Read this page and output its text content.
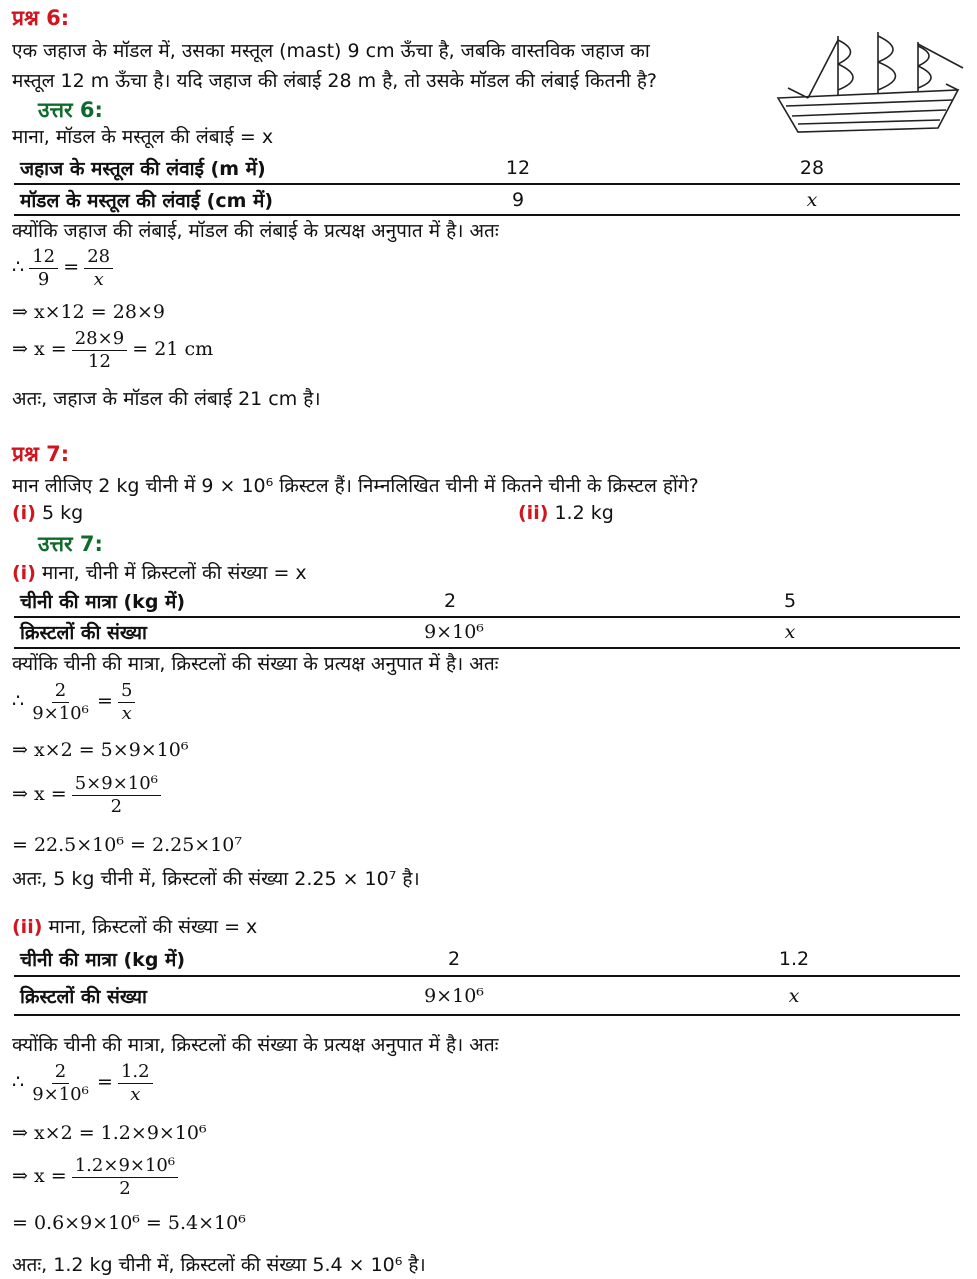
प्रश्न 6:
एक जहाज के मॉडल में, उसका मस्तूल (mast) 9 cm ऊँचा है, जबकि वास्तविक जहाज का
मस्तूल 12 m ऊँचा है। यदि जहाज की लंबाई 28 m है, तो उसके मॉडल की लंबाई कितनी है?
उत्तर 6:
माना, मॉडल के मस्तूल की लंबाई = x
जहाज के मस्तूल की लंवाई (m में)	12	28
मॉडल के मस्तूल की लंवाई (cm में)	9	x
क्योंकि जहाज की लंबाई, मॉडल की लंबाई के प्रत्यक्ष अनुपात में है। अतः
∴ $\frac{12}{9} = \frac{28}{x}$
⇒ x×12 = 28×9
⇒ $x = \frac{28\times 9}{12} = 21$ cm
अतः, जहाज के मॉडल की लंबाई 21 cm है।
प्रश्न 7:
मान लीजिए 2 kg चीनी में 9 × 10⁶ क्रिस्टल हैं। निम्नलिखित चीनी में कितने चीनी के क्रिस्टल होंगे?
(i) 5 kg	(ii) 1.2 kg
उत्तर 7:
(i) माना, चीनी में क्रिस्टलों की संख्या = x
चीनी की मात्रा (kg में)	2	5
क्रिस्टलों की संख्या	9×10⁶	x
क्योंकि चीनी की मात्रा, क्रिस्टलों की संख्या के प्रत्यक्ष अनुपात में है। अतः
∴ $\frac{2}{\text{9×10⁶}} = \frac{5}{x}$
⇒ x×2 = 5×9×10⁶
⇒ $x = \frac{\text{5×9×10⁶}}{2}$
= 22.5×10⁶ = 2.25×10⁷
अतः, 5 kg चीनी में, क्रिस्टलों की संख्या 2.25 × 10⁷ है।
(ii) माना, क्रिस्टलों की संख्या = x
चीनी की मात्रा (kg में)	2	1.2
क्रिस्टलों की संख्या	9×10⁶	x
क्योंकि चीनी की मात्रा, क्रिस्टलों की संख्या के प्रत्यक्ष अनुपात में है। अतः
∴ $\frac{2}{\text{9×10⁶}} = \frac{1.2}{x}$
⇒ x×2 = 1.2×9×10⁶
⇒ $x = \frac{\text{1.2×9×10⁶}}{2}$
= 0.6×9×10⁶ = 5.4×10⁶
अतः, 1.2 kg चीनी में, क्रिस्टलों की संख्या 5.4 × 10⁶ है।
